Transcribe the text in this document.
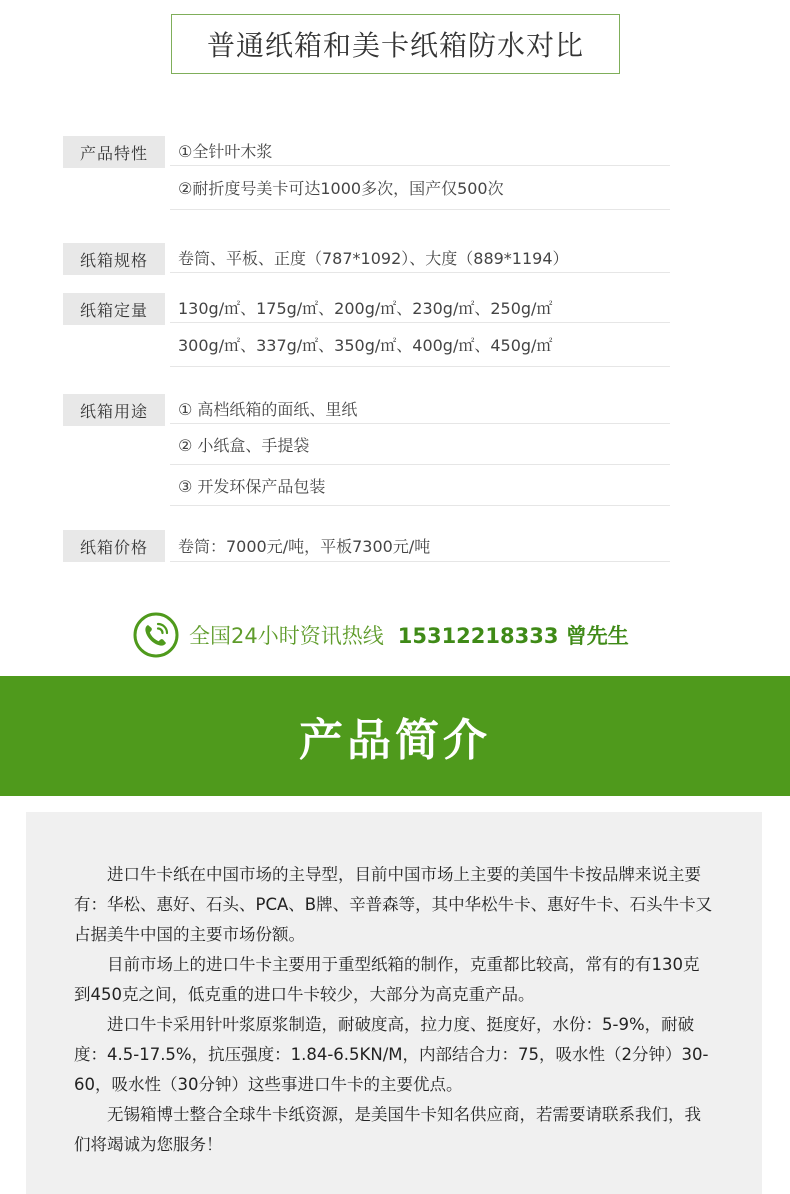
普通纸箱和美卡纸箱防水对比
产品特性	①全针叶木浆
②耐折度号美卡可达1000多次，国产仅500次
纸箱规格	卷筒、平板、正度（787*1092）、大度（889*1194）
纸箱定量	130g/㎡、175g/㎡、200g/㎡、230g/㎡、250g/㎡
300g/㎡、337g/㎡、350g/㎡、400g/㎡、450g/㎡
纸箱用途	① 高档纸箱的面纸、里纸
② 小纸盒、手提袋
③ 开发环保产品包装
纸箱价格	卷筒：7000元/吨，平板7300元/吨
全国24小时资讯热线 15312218333 曾先生
产品简介

进口牛卡纸在中国市场的主导型，目前中国市场上主要的美国牛卡按品牌来说主要有：华松、惠好、石头、PCA、B牌、辛普森等，其中华松牛卡、惠好牛卡、石头牛卡又占据美牛中国的主要市场份额。

目前市场上的进口牛卡主要用于重型纸箱的制作，克重都比较高，常有的有130克到450克之间，低克重的进口牛卡较少，大部分为高克重产品。

进口牛卡采用针叶浆原浆制造，耐破度高，拉力度、挺度好，水份：5-9%，耐破度：4.5-17.5%，抗压强度：1.84-6.5KN/M，内部结合力：75，吸水性（2分钟）30-60，吸水性（30分钟）这些事进口牛卡的主要优点。

无锡箱博士整合全球牛卡纸资源，是美国牛卡知名供应商，若需要请联系我们，我们将竭诚为您服务！
